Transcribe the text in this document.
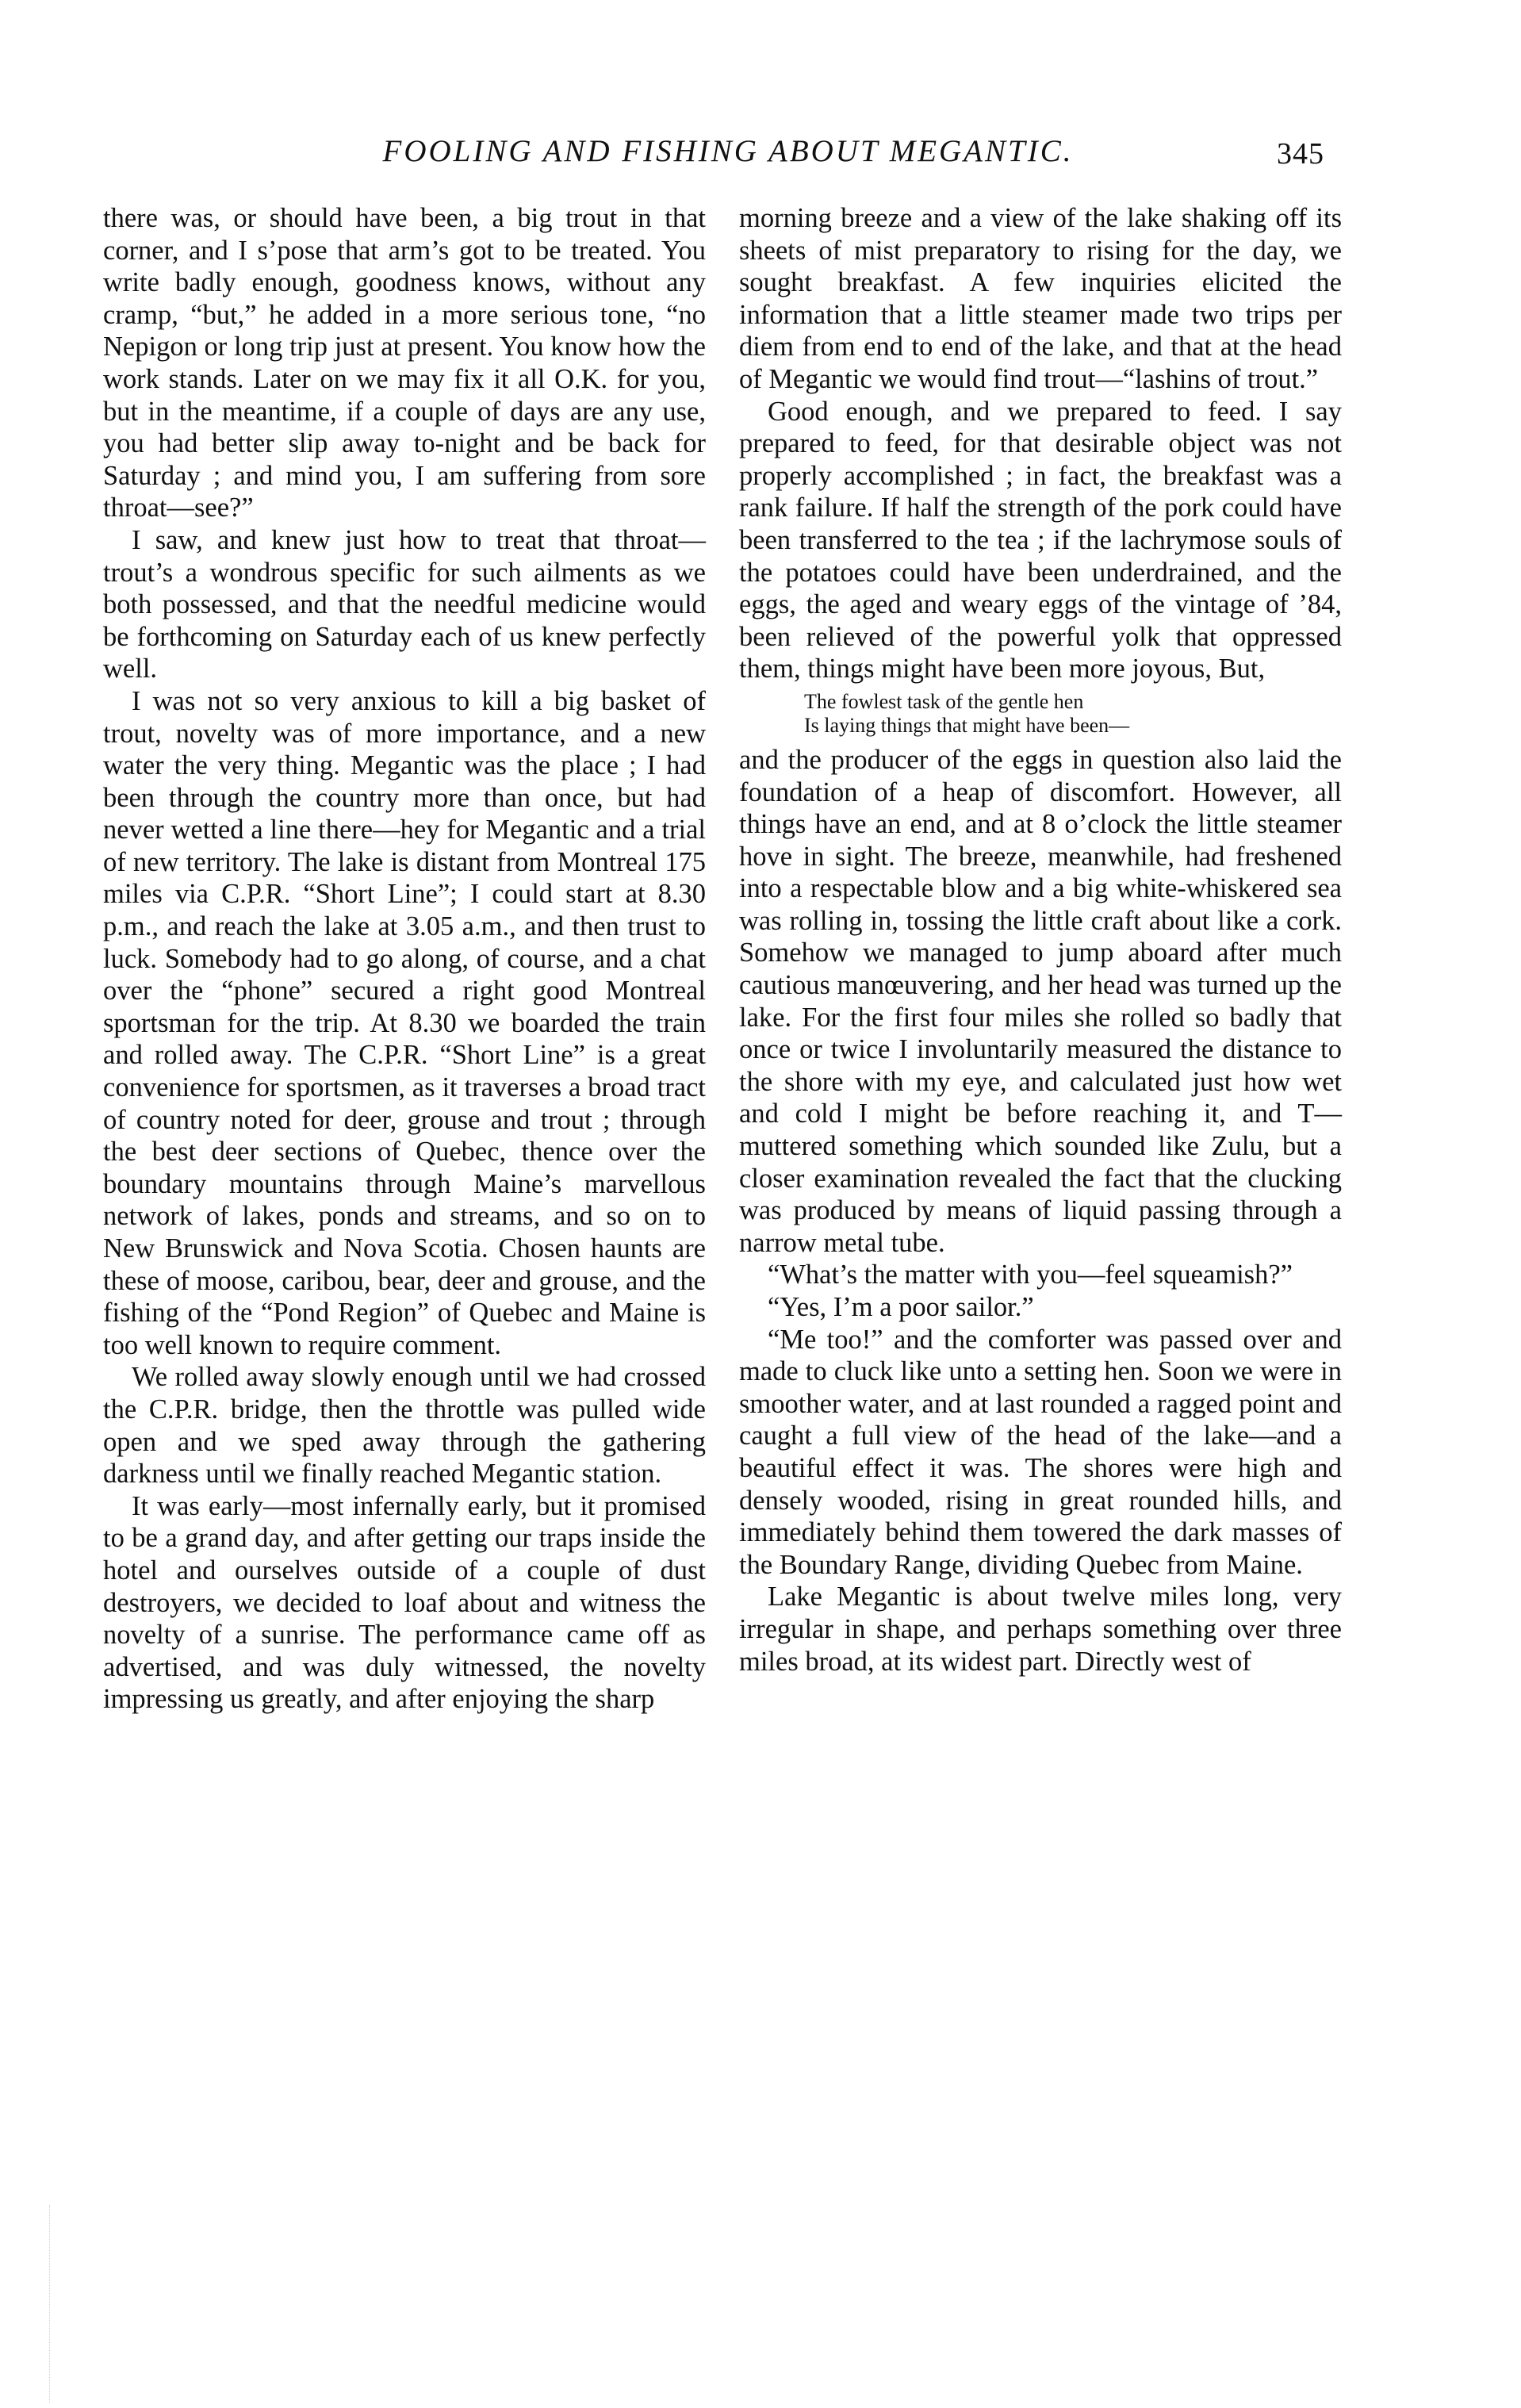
FOOLING AND FISHING ABOUT MEGANTIC.	345

there was, or should have been, a big trout in that corner, and I s’pose that arm’s got to be treated. You write badly enough, goodness knows, without any cramp, “but,” he added in a more serious tone, “no Nepigon or long trip just at present. You know how the work stands. Later on we may fix it all O.K. for you, but in the meantime, if a couple of days are any use, you had better slip away to-night and be back for Saturday ; and mind you, I am suffering from sore throat—see?”

I saw, and knew just how to treat that throat—trout’s a wondrous specific for such ailments as we both possessed, and that the needful medicine would be forthcoming on Saturday each of us knew perfectly well.

I was not so very anxious to kill a big basket of trout, novelty was of more importance, and a new water the very thing. Megantic was the place ; I had been through the country more than once, but had never wetted a line there—hey for Megantic and a trial of new territory. The lake is distant from Montreal 175 miles via C.P.R. “Short Line”; I could start at 8.30 p.m., and reach the lake at 3.05 a.m., and then trust to luck. Somebody had to go along, of course, and a chat over the “phone” secured a right good Montreal sportsman for the trip. At 8.30 we boarded the train and rolled away. The C.P.R. “Short Line” is a great convenience for sportsmen, as it traverses a broad tract of country noted for deer, grouse and trout ; through the best deer sections of Quebec, thence over the boundary mountains through Maine’s marvellous network of lakes, ponds and streams, and so on to New Brunswick and Nova Scotia. Chosen haunts are these of moose, caribou, bear, deer and grouse, and the fishing of the “Pond Region” of Quebec and Maine is too well known to require comment.

We rolled away slowly enough until we had crossed the C.P.R. bridge, then the throttle was pulled wide open and we sped away through the gathering darkness until we finally reached Megantic station.

It was early—most infernally early, but it promised to be a grand day, and after getting our traps inside the hotel and ourselves outside of a couple of dust destroyers, we decided to loaf about and witness the novelty of a sunrise. The performance came off as advertised, and was duly witnessed, the novelty impressing us greatly, and after enjoying the sharp

morning breeze and a view of the lake shaking off its sheets of mist preparatory to rising for the day, we sought breakfast. A few inquiries elicited the information that a little steamer made two trips per diem from end to end of the lake, and that at the head of Megantic we would find trout—“lashins of trout.”

Good enough, and we prepared to feed. I say prepared to feed, for that desirable object was not properly accomplished ; in fact, the breakfast was a rank failure. If half the strength of the pork could have been transferred to the tea ; if the lachrymose souls of the potatoes could have been underdrained, and the eggs, the aged and weary eggs of the vintage of ’84, been relieved of the powerful yolk that oppressed them, things might have been more joyous, But,

The fowlest task of the gentle hen
Is laying things that might have been—

and the producer of the eggs in question also laid the foundation of a heap of discomfort. However, all things have an end, and at 8 o’clock the little steamer hove in sight. The breeze, meanwhile, had freshened into a respectable blow and a big white-whiskered sea was rolling in, tossing the little craft about like a cork. Somehow we managed to jump aboard after much cautious manœuvering, and her head was turned up the lake. For the first four miles she rolled so badly that once or twice I involuntarily measured the distance to the shore with my eye, and calculated just how wet and cold I might be before reaching it, and T— muttered something which sounded like Zulu, but a closer examination revealed the fact that the clucking was produced by means of liquid passing through a narrow metal tube.

“What’s the matter with you—feel squeamish?”

“Yes, I’m a poor sailor.”

“Me too!” and the comforter was passed over and made to cluck like unto a setting hen. Soon we were in smoother water, and at last rounded a ragged point and caught a full view of the head of the lake—and a beautiful effect it was. The shores were high and densely wooded, rising in great rounded hills, and immediately behind them towered the dark masses of the Boundary Range, dividing Quebec from Maine.

Lake Megantic is about twelve miles long, very irregular in shape, and perhaps something over three miles broad, at its widest part. Directly west of
